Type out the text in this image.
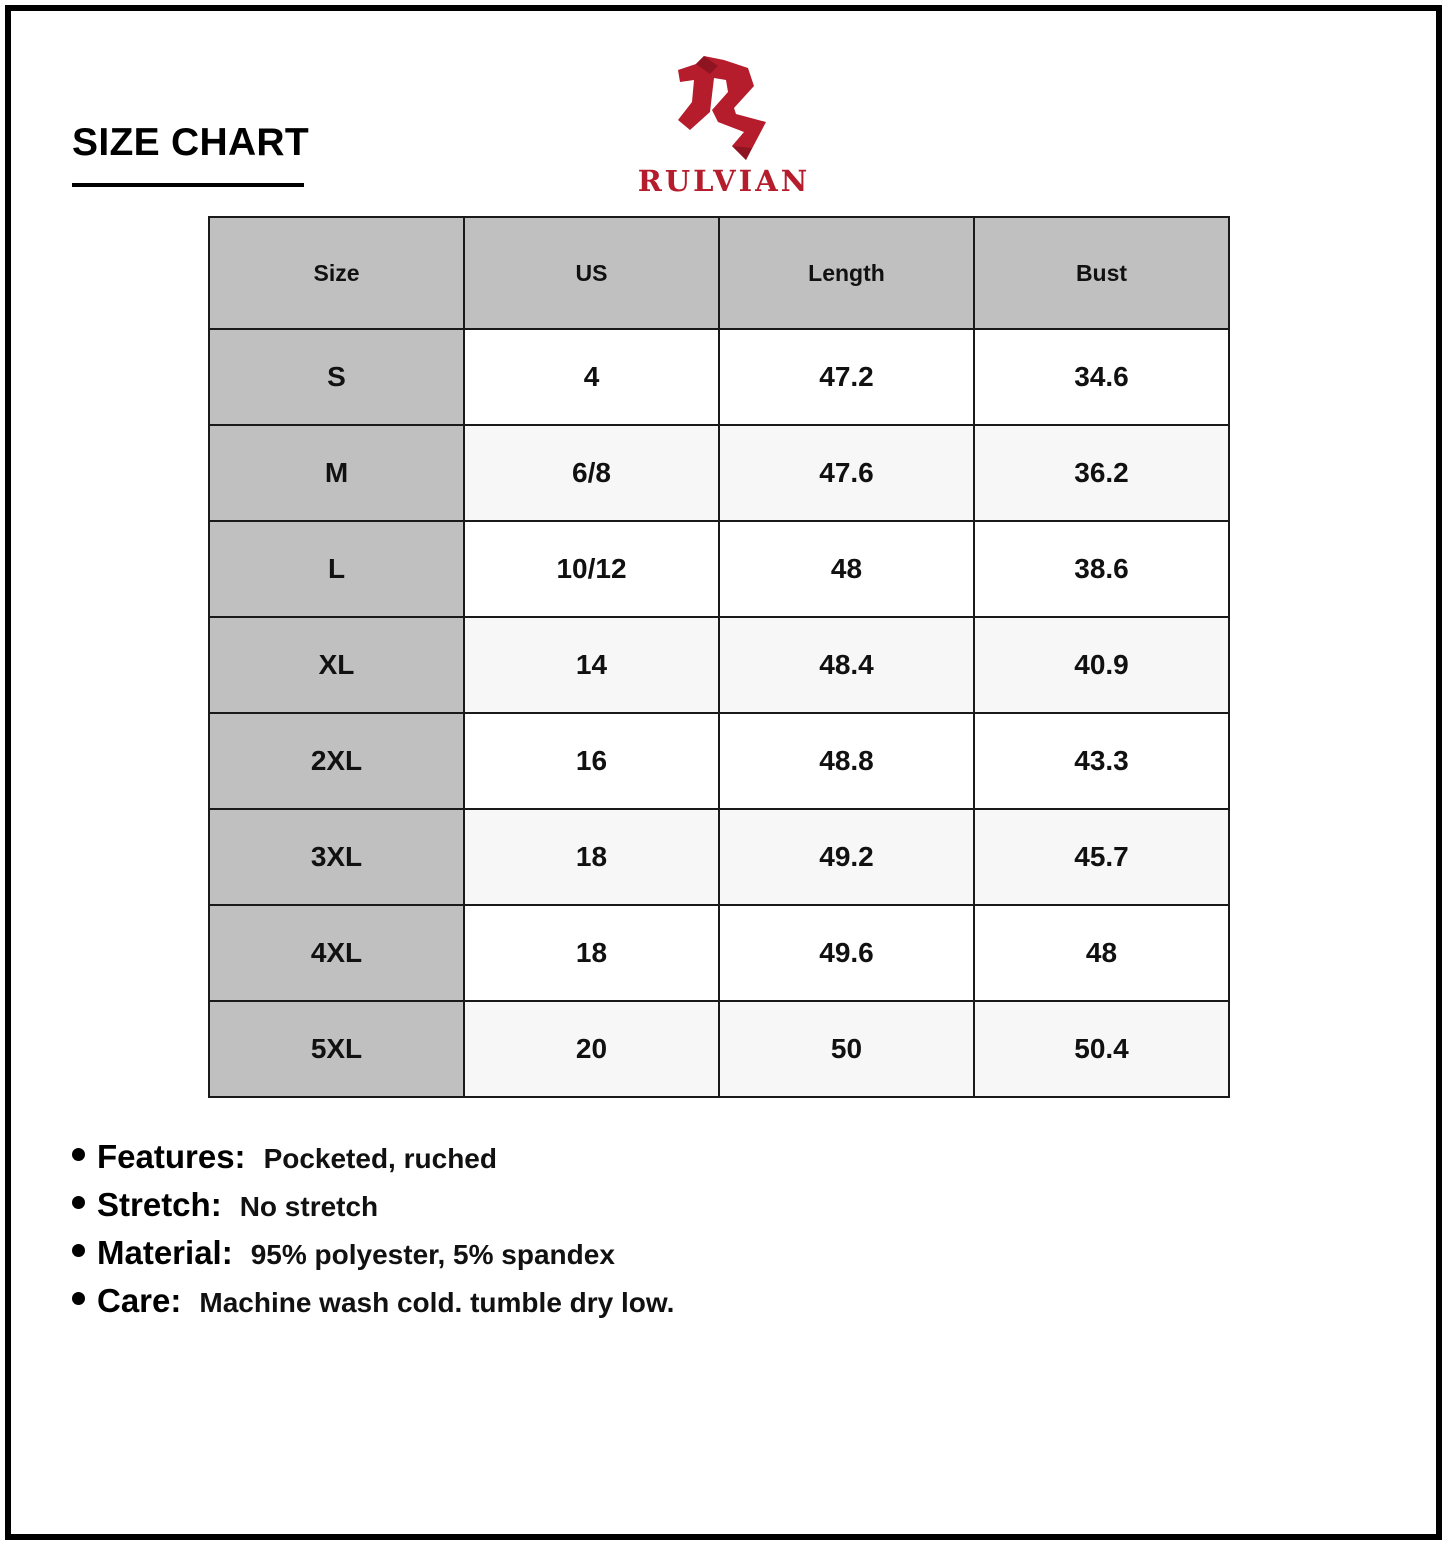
SIZE CHART
RULVIAN
Size	US	Length	Bust
S	4	47.2	34.6
M	6/8	47.6	36.2
L	10/12	48	38.6
XL	14	48.4	40.9
2XL	16	48.8	43.3
3XL	18	49.2	45.7
4XL	18	49.6	48
5XL	20	50	50.4
Features: Pocketed, ruched
Stretch: No stretch
Material: 95% polyester, 5% spandex
Care: Machine wash cold. tumble dry low.
